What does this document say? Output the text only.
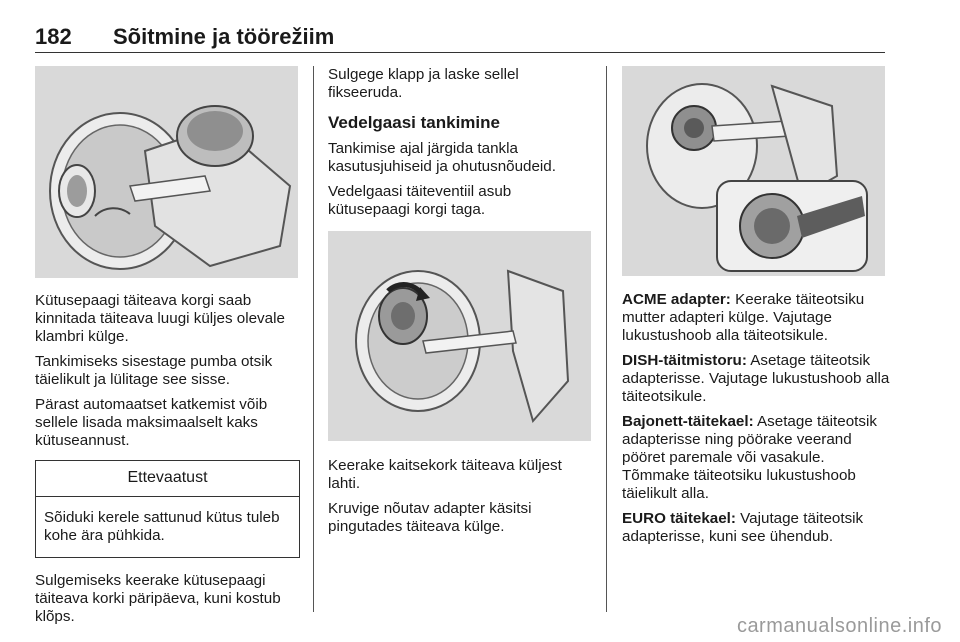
182 Sõitmine ja töörežiim

Kütusepaagi täiteava korgi saab kinnitada täiteava luugi küljes olevale klambri külge.

Tankimiseks sisestage pumba otsik täielikult ja lülitage see sisse.

Pärast automaatset katkemist võib sellele lisada maksimaalselt kaks kütuseannust.

Ettevaatust
Sõiduki kerele sattunud kütus tuleb kohe ära pühkida.

Sulgemiseks keerake kütusepaagi täiteava korki päripäeva, kuni kostub klõps.

Sulgege klapp ja laske sellel fikseeruda.

Vedelgaasi tankimine

Tankimise ajal järgida tankla kasutusjuhiseid ja ohutusnõudeid.

Vedelgaasi täiteventiil asub kütusepaagi korgi taga.

Keerake kaitsekork täiteava küljest lahti.

Kruvige nõutav adapter käsitsi pingutades täiteava külge.

ACME adapter: Keerake täiteotsiku mutter adapteri külge. Vajutage lukustushoob alla täiteotsikule.

DISH-täitmistoru: Asetage täiteotsik adapterisse. Vajutage lukustushoob alla täiteotsikule.

Bajonett-täitekael: Asetage täiteotsik adapterisse ning pöörake veerand pööret paremale või vasakule. Tõmmake täiteotsiku lukustushoob täielikult alla.

EURO täitekael: Vajutage täiteotsik adapterisse, kuni see ühendub.

carmanualsonline.info
